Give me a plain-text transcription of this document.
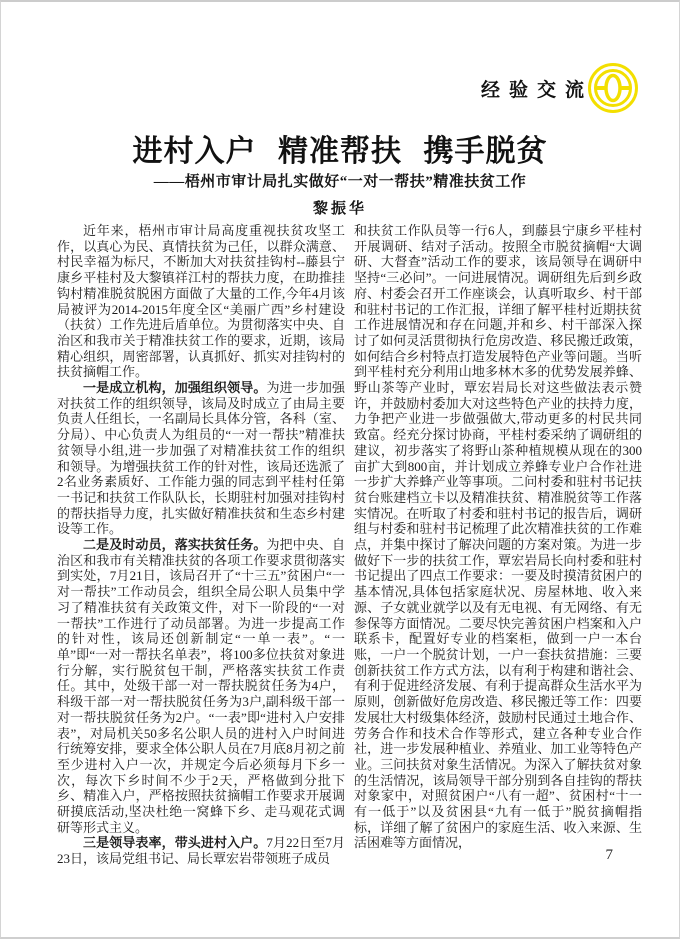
经验交流
进村入户 精准帮扶 携手脱贫
——梧州市审计局扎实做好“一对一帮扶”精准扶贫工作
黎振华

近年来，梧州市审计局高度重视扶贫攻坚工作，以真心为民、真情扶贫为己任，以群众满意、村民幸福为标尺，不断加大对扶贫挂钩村--藤县宁康乡平桂村及大黎镇祥江村的帮扶力度，在助推挂钩村精准脱贫脱困方面做了大量的工作,今年4月该局被评为2014-2015年度全区“美丽广西”乡村建设（扶贫）工作先进后盾单位。为贯彻落实中央、自治区和我市关于精准扶贫工作的要求，近期，该局精心组织，周密部署，认真抓好、抓实对挂钩村的扶贫摘帽工作。

一是成立机构，加强组织领导。为进一步加强对扶贫工作的组织领导，该局及时成立了由局主要负责人任组长，一名副局长具体分管，各科（室、分局）、中心负责人为组员的“一对一帮扶”精准扶贫领导小组,进一步加强了对精准扶贫工作的组织和领导。为增强扶贫工作的针对性，该局还选派了2名业务素质好、工作能力强的同志到平桂村任第一书记和扶贫工作队队长，长期驻村加强对挂钩村的帮扶指导力度，扎实做好精准扶贫和生态乡村建设等工作。

二是及时动员，落实扶贫任务。为把中央、自治区和我市有关精准扶贫的各项工作要求贯彻落实到实处，7月21日，该局召开了“十三五”贫困户“一对一帮扶”工作动员会，组织全局公职人员集中学习了精准扶贫有关政策文件，对下一阶段的“一对一帮扶”工作进行了动员部署。为进一步提高工作的针对性，该局还创新制定“一单一表”。“一单”即“一对一帮扶名单表”，将100多位扶贫对象进行分解，实行脱贫包干制，严格落实扶贫工作责任。其中，处级干部一对一帮扶脱贫任务为4户，科级干部一对一帮扶脱贫任务为3户,副科级干部一对一帮扶脱贫任务为2户。“一表”即“进村入户安排表”，对局机关50多名公职人员的进村入户时间进行统筹安排，要求全体公职人员在7月底8月初之前至少进村入户一次，并规定今后必须每月下乡一次，每次下乡时间不少于2天，严格做到分批下乡、精准入户，严格按照扶贫摘帽工作要求开展调研摸底活动,坚决杜绝一窝蜂下乡、走马观花式调研等形式主义。

三是领导表率，带头进村入户。7月22日至7月23日，该局党组书记、局长覃宏岩带领班子成员

和扶贫工作队员等一行6人，到藤县宁康乡平桂村开展调研、结对子活动。按照全市脱贫摘帽“大调研、大督查”活动工作的要求，该局领导在调研中坚持“三必问”。一问进展情况。调研组先后到乡政府、村委会召开工作座谈会，认真听取乡、村干部和驻村书记的工作汇报，详细了解平桂村近期扶贫工作进展情况和存在问题,并和乡、村干部深入探讨了如何灵活贯彻执行危房改造、移民搬迁政策，如何结合乡村特点打造发展特色产业等问题。当听到平桂村充分利用山地多林木多的优势发展养蜂、野山茶等产业时，覃宏岩局长对这些做法表示赞许，并鼓励村委加大对这些特色产业的扶持力度，力争把产业进一步做强做大,带动更多的村民共同致富。经充分探讨协商，平桂村委采纳了调研组的建议，初步落实了将野山茶种植规模从现在的300亩扩大到800亩，并计划成立养蜂专业户合作社进一步扩大养蜂产业等事项。二问村委和驻村书记扶贫台账建档立卡以及精准扶贫、精准脱贫等工作落实情况。在听取了村委和驻村书记的报告后，调研组与村委和驻村书记梳理了此次精准扶贫的工作难点，并集中探讨了解决问题的方案对策。为进一步做好下一步的扶贫工作，覃宏岩局长向村委和驻村书记提出了四点工作要求：一要及时摸清贫困户的基本情况,具体包括家庭状况、房屋林地、收入来源、子女就业就学以及有无电视、有无网络、有无参保等方面情况。二要尽快完善贫困户档案和入户联系卡，配置好专业的档案柜，做到一户一本台账，一户一个脱贫计划，一户一套扶贫措施：三要创新扶贫工作方式方法，以有利于构建和谐社会、有利于促进经济发展、有利于提高群众生活水平为原则，创新做好危房改造、移民搬迁等工作：四要发展壮大村级集体经济，鼓励村民通过土地合作、劳务合作和技术合作等形式，建立各种专业合作社，进一步发展种植业、养殖业、加工业等特色产业。三问扶贫对象生活情况。为深入了解扶贫对象的生活情况，该局领导干部分别到各自挂钩的帮扶对象家中，对照贫困户“八有一超”、贫困村“十一有一低于”以及贫困县“九有一低于”脱贫摘帽指标，详细了解了贫困户的家庭生活、收入来源、生活困难等方面情况，

7
